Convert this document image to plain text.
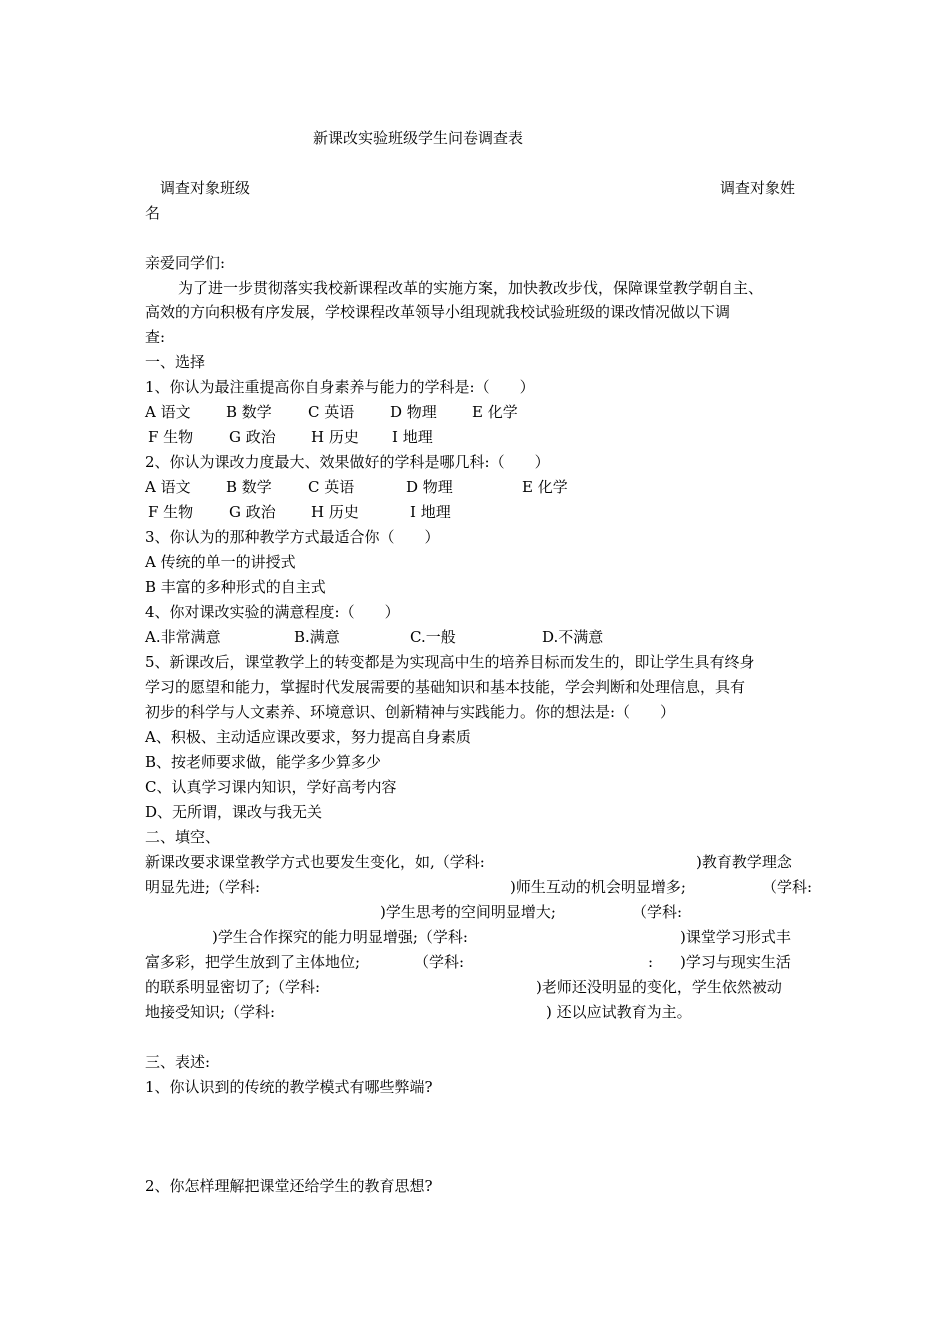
新课改实验班级学生问卷调查表
调查对象班级	调查对象姓
名
亲爱同学们:
为了进一步贯彻落实我校新课程改革的实施方案，加快教改步伐，保障课堂教学朝自主、
高效的方向积极有序发展，学校课程改革领导小组现就我校试验班级的课改情况做以下调
查:
一、选择
1、你认为最注重提高你自身素养与能力的学科是:（　　）
A 语文 B 数学 C 英语 D 物理 E 化学
F 生物 G 政治 H 历史 I 地理
2、你认为课改力度最大、效果做好的学科是哪几科:（　　）
A 语文 B 数学 C 英语	D 物理	E 化学
F 生物 G 政治 H 历史	I 地理
3、你认为的那种教学方式最适合你（　　）
A 传统的单一的讲授式
B 丰富的多种形式的自主式
4、你对课改实验的满意程度:（　　）
A.非常满意	B.满意	C.一般	D.不满意
5、新课改后，课堂教学上的转变都是为实现高中生的培养目标而发生的，即让学生具有终身
学习的愿望和能力，掌握时代发展需要的基础知识和基本技能，学会判断和处理信息，具有
初步的科学与人文素养、环境意识、创新精神与实践能力。你的想法是:（　　）
A、积极、主动适应课改要求，努力提高自身素质
B、按老师要求做，能学多少算多少
C、认真学习课内知识，学好高考内容
D、无所谓，课改与我无关
二、填空、
新课改要求课堂教学方式也要发生变化，如,（学科:	)教育教学理念
明显先进;（学科:	)师生互动的机会明显增多;	（学科:
)学生思考的空间明显增大;	（学科:
)学生合作探究的能力明显增强;（学科:	)课堂学习形式丰
富多彩，把学生放到了主体地位;	（学科:	: )学习与现实生活
的联系明显密切了;（学科:	)老师还没明显的变化，学生依然被动
地接受知识;（学科:	) 还以应试教育为主。
三、表述:
1、你认识到的传统的教学模式有哪些弊端?
2、你怎样理解把课堂还给学生的教育思想?
